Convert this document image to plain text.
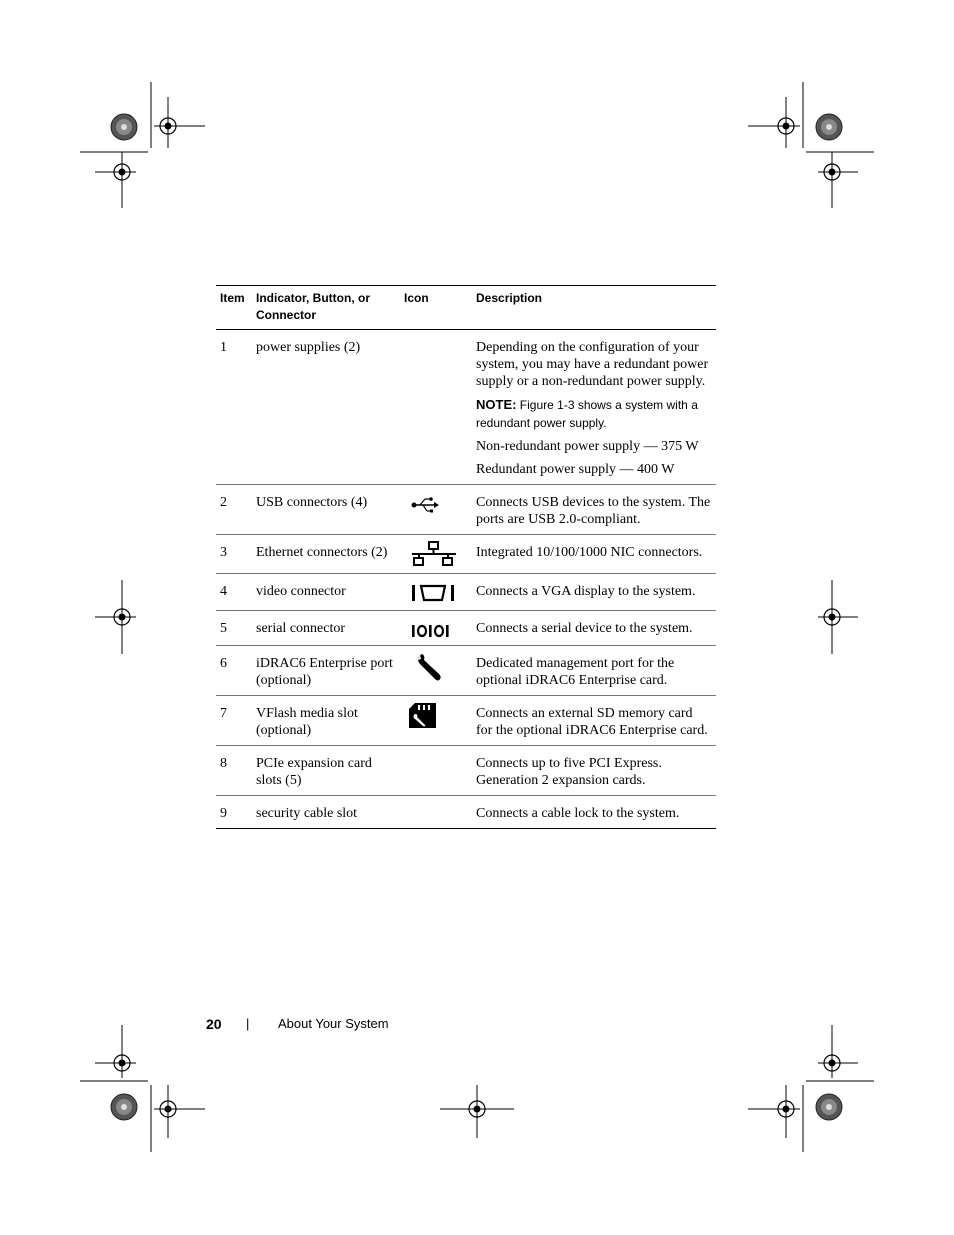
Item	Indicator, Button, or Connector	Icon	Description
1	power supplies (2)		Depending on the configuration of your system, you may have a redundant power supply or a non-redundant power supply.

NOTE: Figure 1-3 shows a system with a redundant power supply.

Non-redundant power supply — 375 W

Redundant power supply — 400 W

2	USB connectors (4)		Connects USB devices to the system. The ports are USB 2.0-compliant.
3	Ethernet connectors (2)		Integrated 10/100/1000 NIC connectors.
4	video connector		Connects a VGA display to the system.
5	serial connector		Connects a serial device to the system.
6	iDRAC6 Enterprise port (optional)		Dedicated management port for the optional iDRAC6 Enterprise card.
7	VFlash media slot (optional)		Connects an external SD memory card for the optional iDRAC6 Enterprise card.
8	PCIe expansion card slots (5)		Connects up to five PCI Express. Generation 2 expansion cards.
9	security cable slot		Connects a cable lock to the system.
20 | About Your System
